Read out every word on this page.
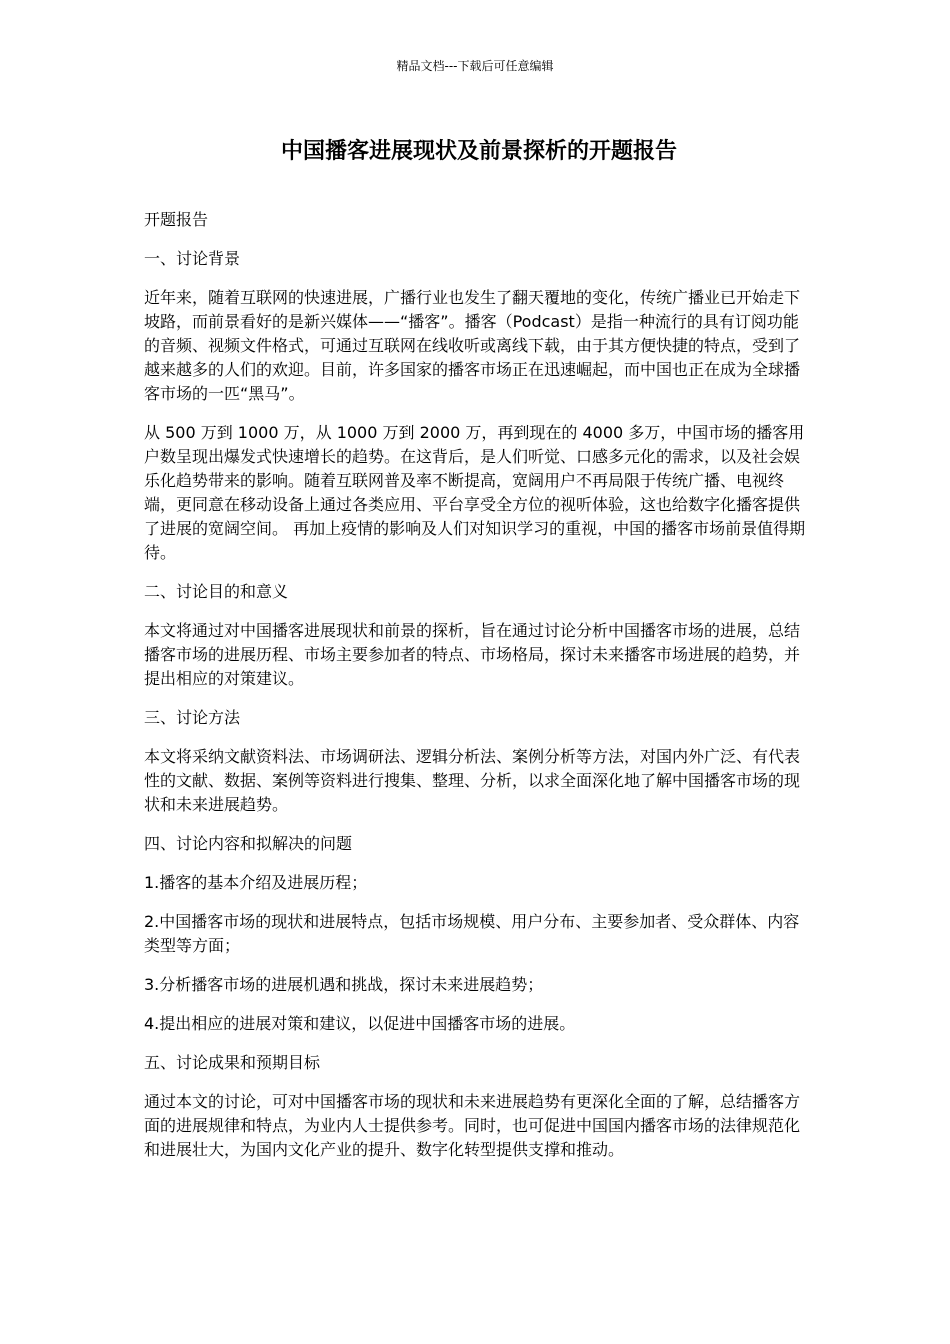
精品文档---下载后可任意编辑
中国播客进展现状及前景探析的开题报告

开题报告

一、讨论背景

近年来，随着互联网的快速进展，广播行业也发生了翻天覆地的变化，传统广播业已开始走下坡路，而前景看好的是新兴媒体——“播客”。播客（Podcast）是指一种流行的具有订阅功能的音频、视频文件格式，可通过互联网在线收听或离线下载，由于其方便快捷的特点，受到了越来越多的人们的欢迎。目前，许多国家的播客市场正在迅速崛起，而中国也正在成为全球播客市场的一匹“黑马”。

从 500 万到 1000 万，从 1000 万到 2000 万，再到现在的 4000 多万，中国市场的播客用户数呈现出爆发式快速增长的趋势。在这背后，是人们听觉、口感多元化的需求，以及社会娱乐化趋势带来的影响。随着互联网普及率不断提高，宽阔用户不再局限于传统广播、电视终端，更同意在移动设备上通过各类应用、平台享受全方位的视听体验，这也给数字化播客提供了进展的宽阔空间。 再加上疫情的影响及人们对知识学习的重视，中国的播客市场前景值得期待。

二、讨论目的和意义

本文将通过对中国播客进展现状和前景的探析，旨在通过讨论分析中国播客市场的进展，总结播客市场的进展历程、市场主要参加者的特点、市场格局，探讨未来播客市场进展的趋势，并提出相应的对策建议。

三、讨论方法

本文将采纳文献资料法、市场调研法、逻辑分析法、案例分析等方法，对国内外广泛、有代表性的文献、数据、案例等资料进行搜集、整理、分析，以求全面深化地了解中国播客市场的现状和未来进展趋势。

四、讨论内容和拟解决的问题

1.播客的基本介绍及进展历程；

2.中国播客市场的现状和进展特点，包括市场规模、用户分布、主要参加者、受众群体、内容类型等方面；

3.分析播客市场的进展机遇和挑战，探讨未来进展趋势；

4.提出相应的进展对策和建议，以促进中国播客市场的进展。

五、讨论成果和预期目标

通过本文的讨论，可对中国播客市场的现状和未来进展趋势有更深化全面的了解，总结播客方面的进展规律和特点，为业内人士提供参考。同时，也可促进中国国内播客市场的法律规范化和进展壮大，为国内文化产业的提升、数字化转型提供支撑和推动。
